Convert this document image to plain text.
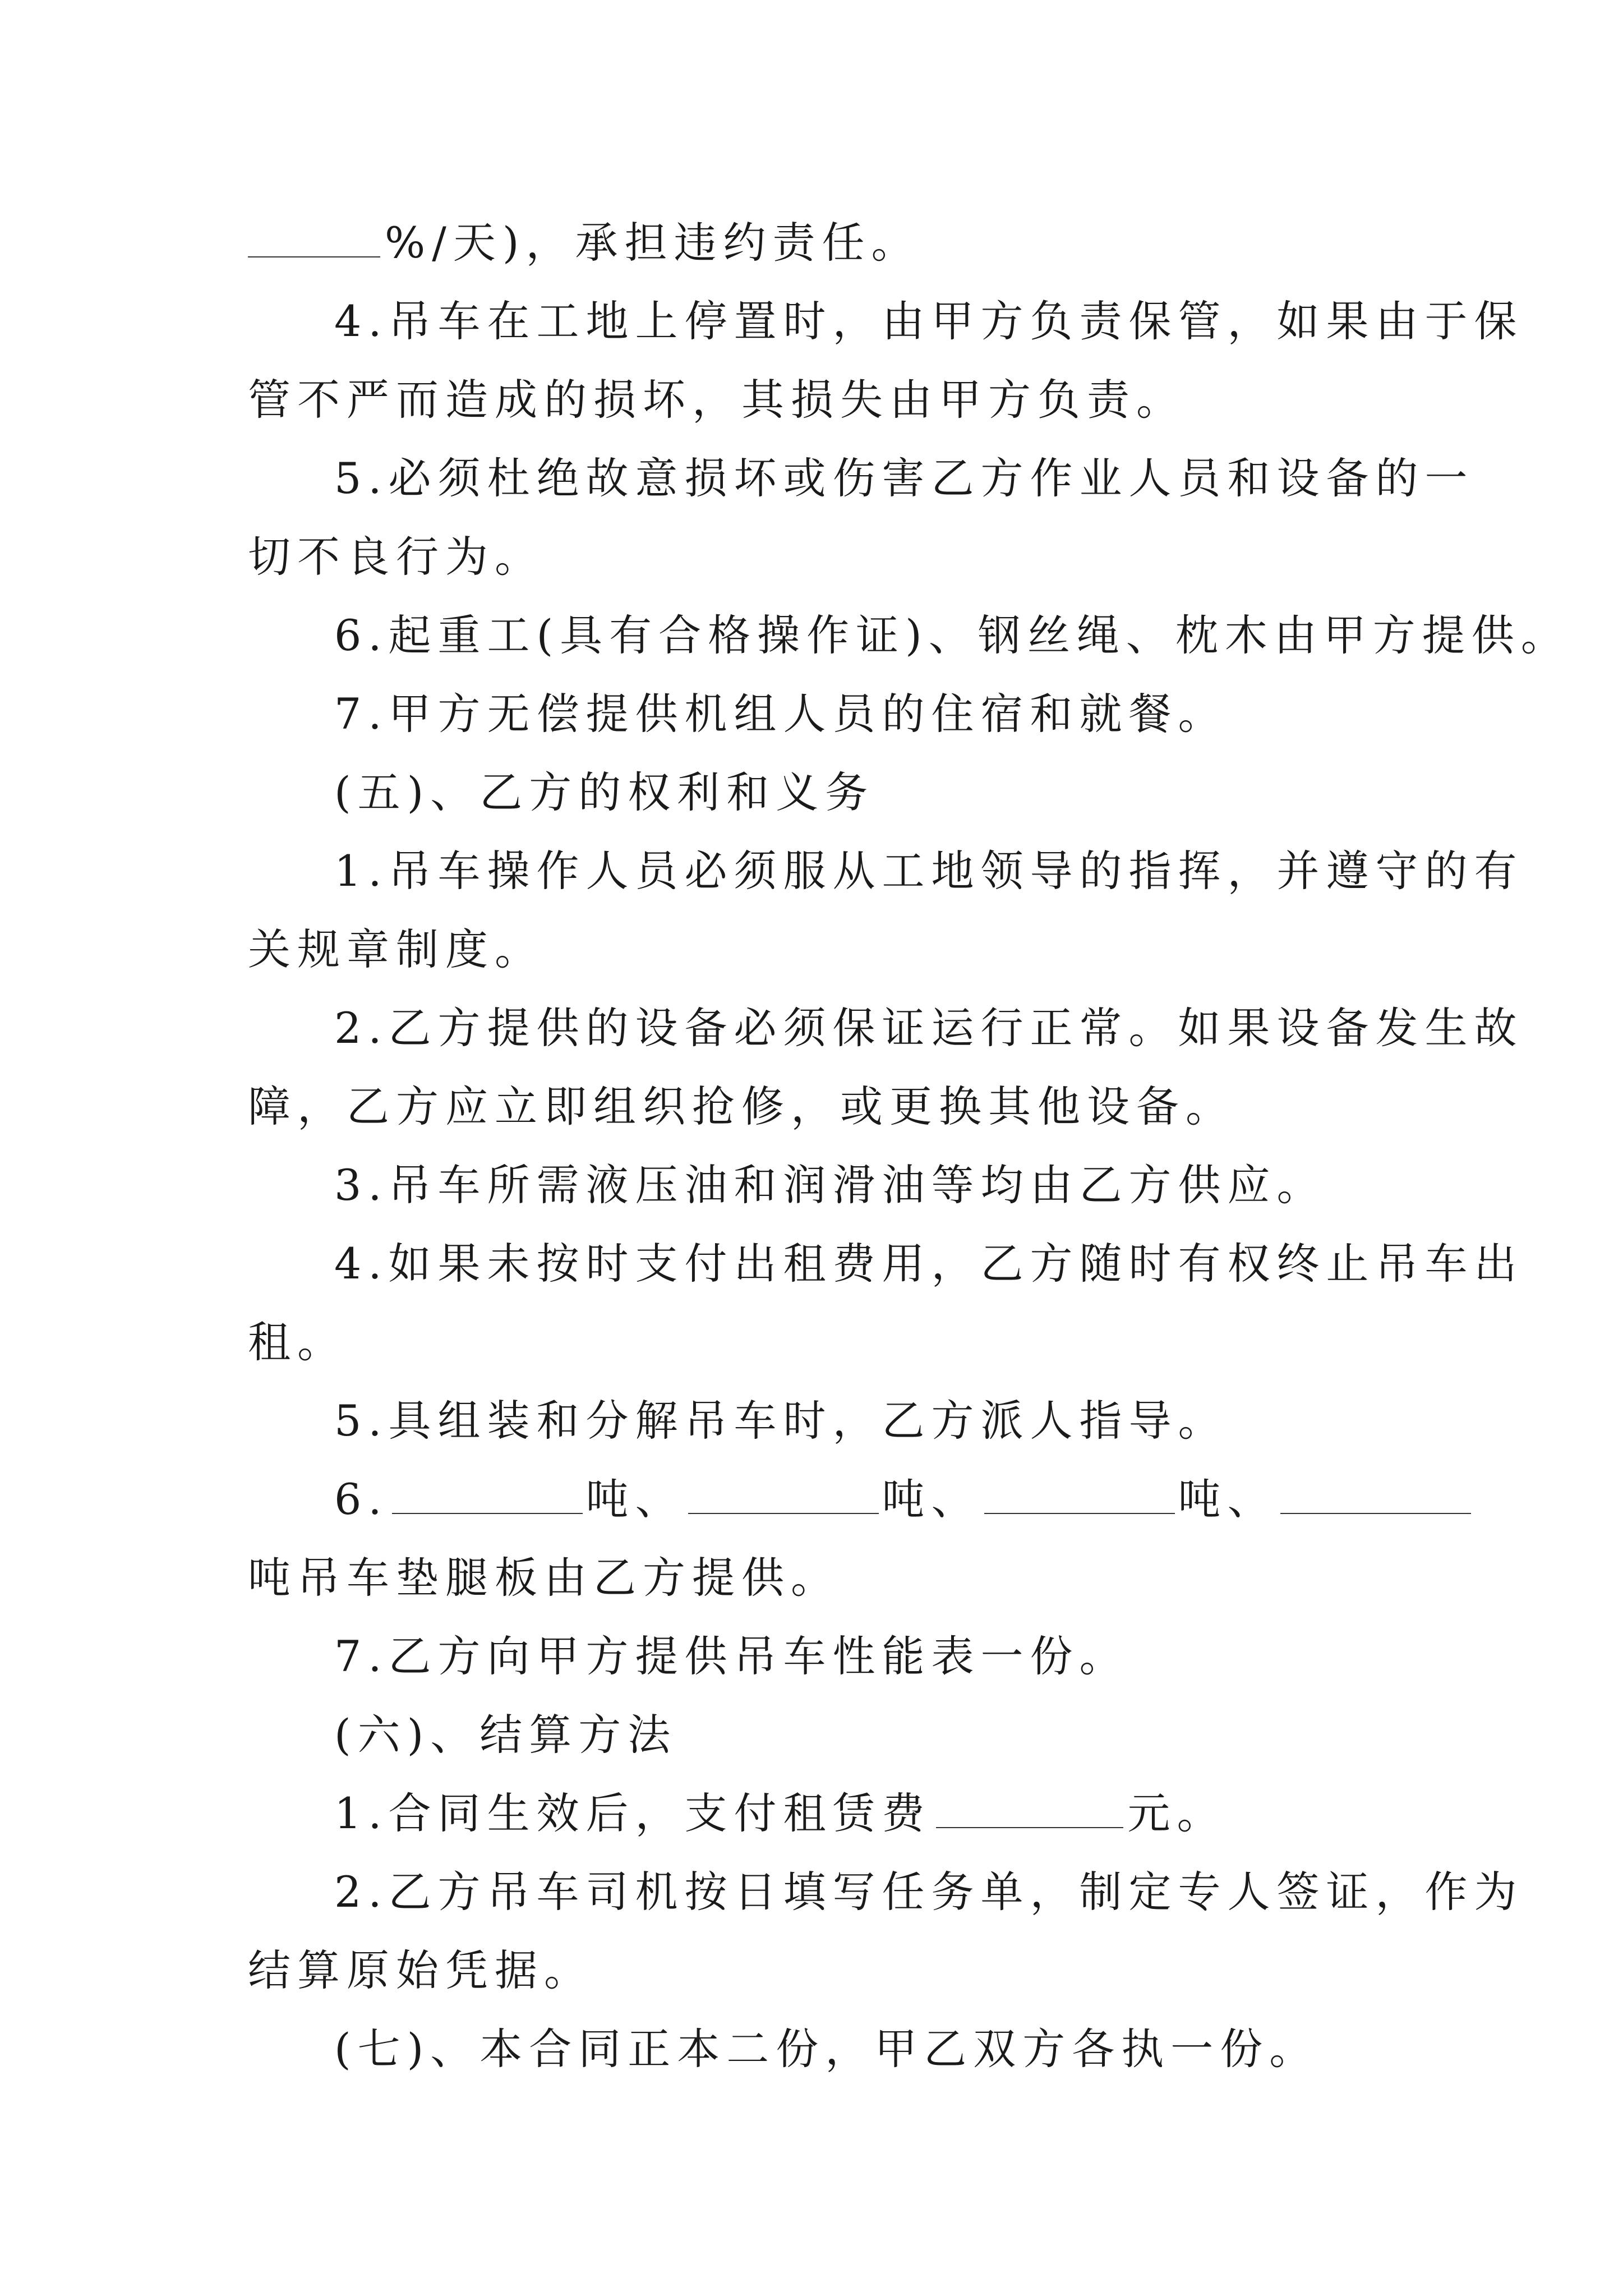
%/天)，承担违约责任。
4.吊车在工地上停置时，由甲方负责保管，如果由于保
管不严而造成的损坏，其损失由甲方负责。
5.必须杜绝故意损坏或伤害乙方作业人员和设备的一
切不良行为。
6.起重工(具有合格操作证)、钢丝绳、枕木由甲方提供。
7.甲方无偿提供机组人员的住宿和就餐。
(五)、乙方的权利和义务
1.吊车操作人员必须服从工地领导的指挥，并遵守的有
关规章制度。
2.乙方提供的设备必须保证运行正常。如果设备发生故
障，乙方应立即组织抢修，或更换其他设备。
3.吊车所需液压油和润滑油等均由乙方供应。
4.如果未按时支付出租费用，乙方随时有权终止吊车出
租。
5.具组装和分解吊车时，乙方派人指导。
6.	吨、	吨、	吨、
吨吊车垫腿板由乙方提供。
7.乙方向甲方提供吊车性能表一份。
(六)、结算方法
1.合同生效后，支付租赁费	元。
2.乙方吊车司机按日填写任务单，制定专人签证，作为
结算原始凭据。
(七)、本合同正本二份，甲乙双方各执一份。
